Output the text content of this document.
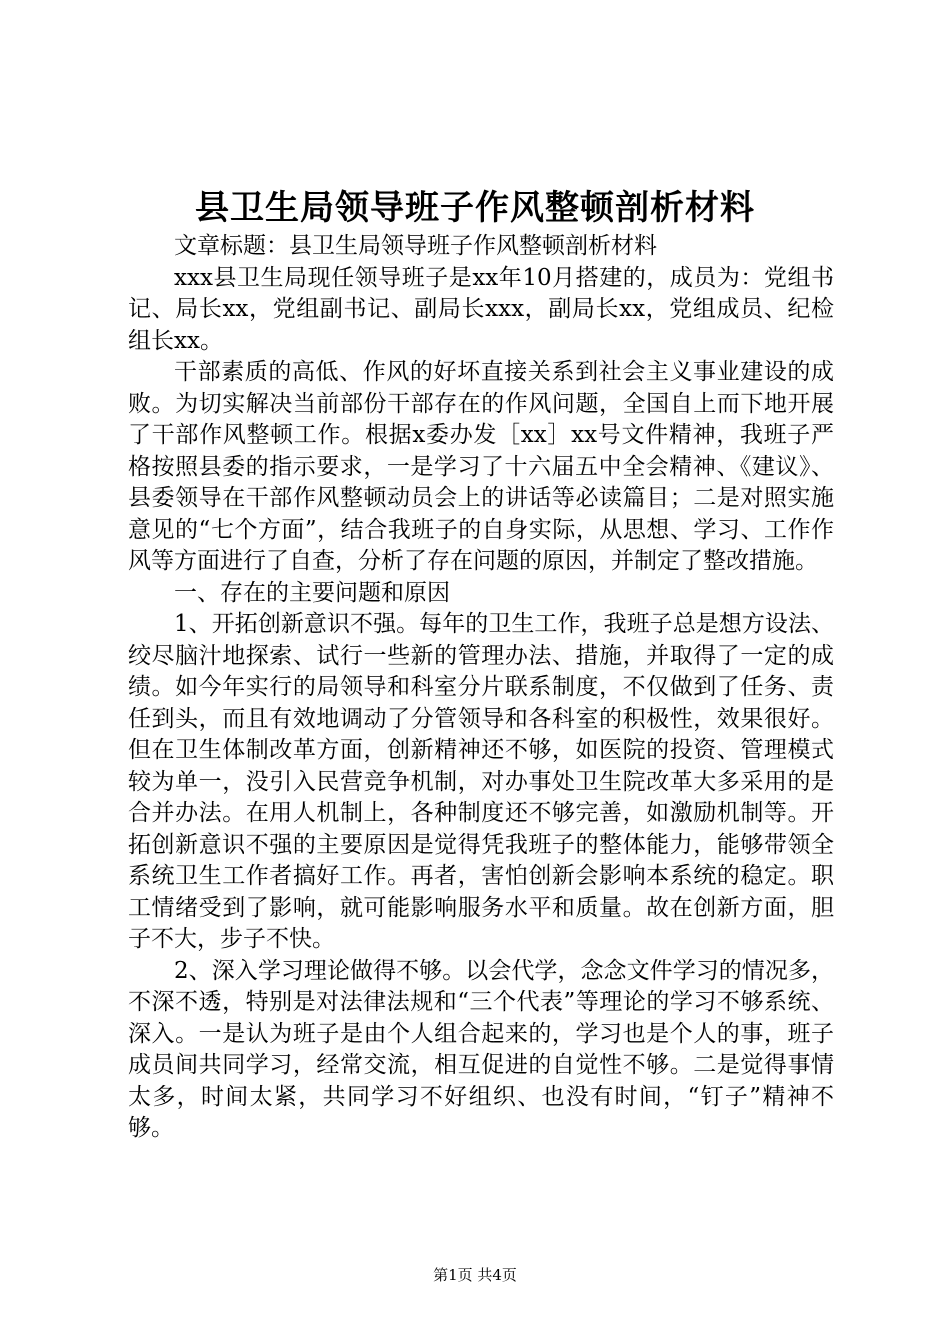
县卫生局领导班子作风整顿剖析材料

文章标题：县卫生局领导班子作风整顿剖析材料

xxx县卫生局现任领导班子是xx年10月搭建的，成员为：党组书记、局长xx，党组副书记、副局长xxx，副局长xx，党组成员、纪检组长xx。

干部素质的高低、作风的好坏直接关系到社会主义事业建设的成败。为切实解决当前部份干部存在的作风问题，全国自上而下地开展了干部作风整顿工作。根据x委办发［xx］xx号文件精神，我班子严格按照县委的指示要求，一是学习了十六届五中全会精神、《建议》、县委领导在干部作风整顿动员会上的讲话等必读篇目；二是对照实施意见的“七个方面”，结合我班子的自身实际，从思想、学习、工作作风等方面进行了自查，分析了存在问题的原因，并制定了整改措施。

一、存在的主要问题和原因

1、开拓创新意识不强。每年的卫生工作，我班子总是想方设法、绞尽脑汁地探索、试行一些新的管理办法、措施，并取得了一定的成绩。如今年实行的局领导和科室分片联系制度，不仅做到了任务、责任到头，而且有效地调动了分管领导和各科室的积极性，效果很好。但在卫生体制改革方面，创新精神还不够，如医院的投资、管理模式较为单一，没引入民营竞争机制，对办事处卫生院改革大多采用的是合并办法。在用人机制上，各种制度还不够完善，如激励机制等。开拓创新意识不强的主要原因是觉得凭我班子的整体能力，能够带领全系统卫生工作者搞好工作。再者，害怕创新会影响本系统的稳定。职工情绪受到了影响，就可能影响服务水平和质量。故在创新方面，胆子不大，步子不快。

2、深入学习理论做得不够。以会代学，念念文件学习的情况多，不深不透，特别是对法律法规和“三个代表”等理论的学习不够系统、深入。一是认为班子是由个人组合起来的，学习也是个人的事，班子成员间共同学习，经常交流，相互促进的自觉性不够。二是觉得事情太多，时间太紧，共同学习不好组织、也没有时间，“钉子”精神不够。

第1页 共4页
